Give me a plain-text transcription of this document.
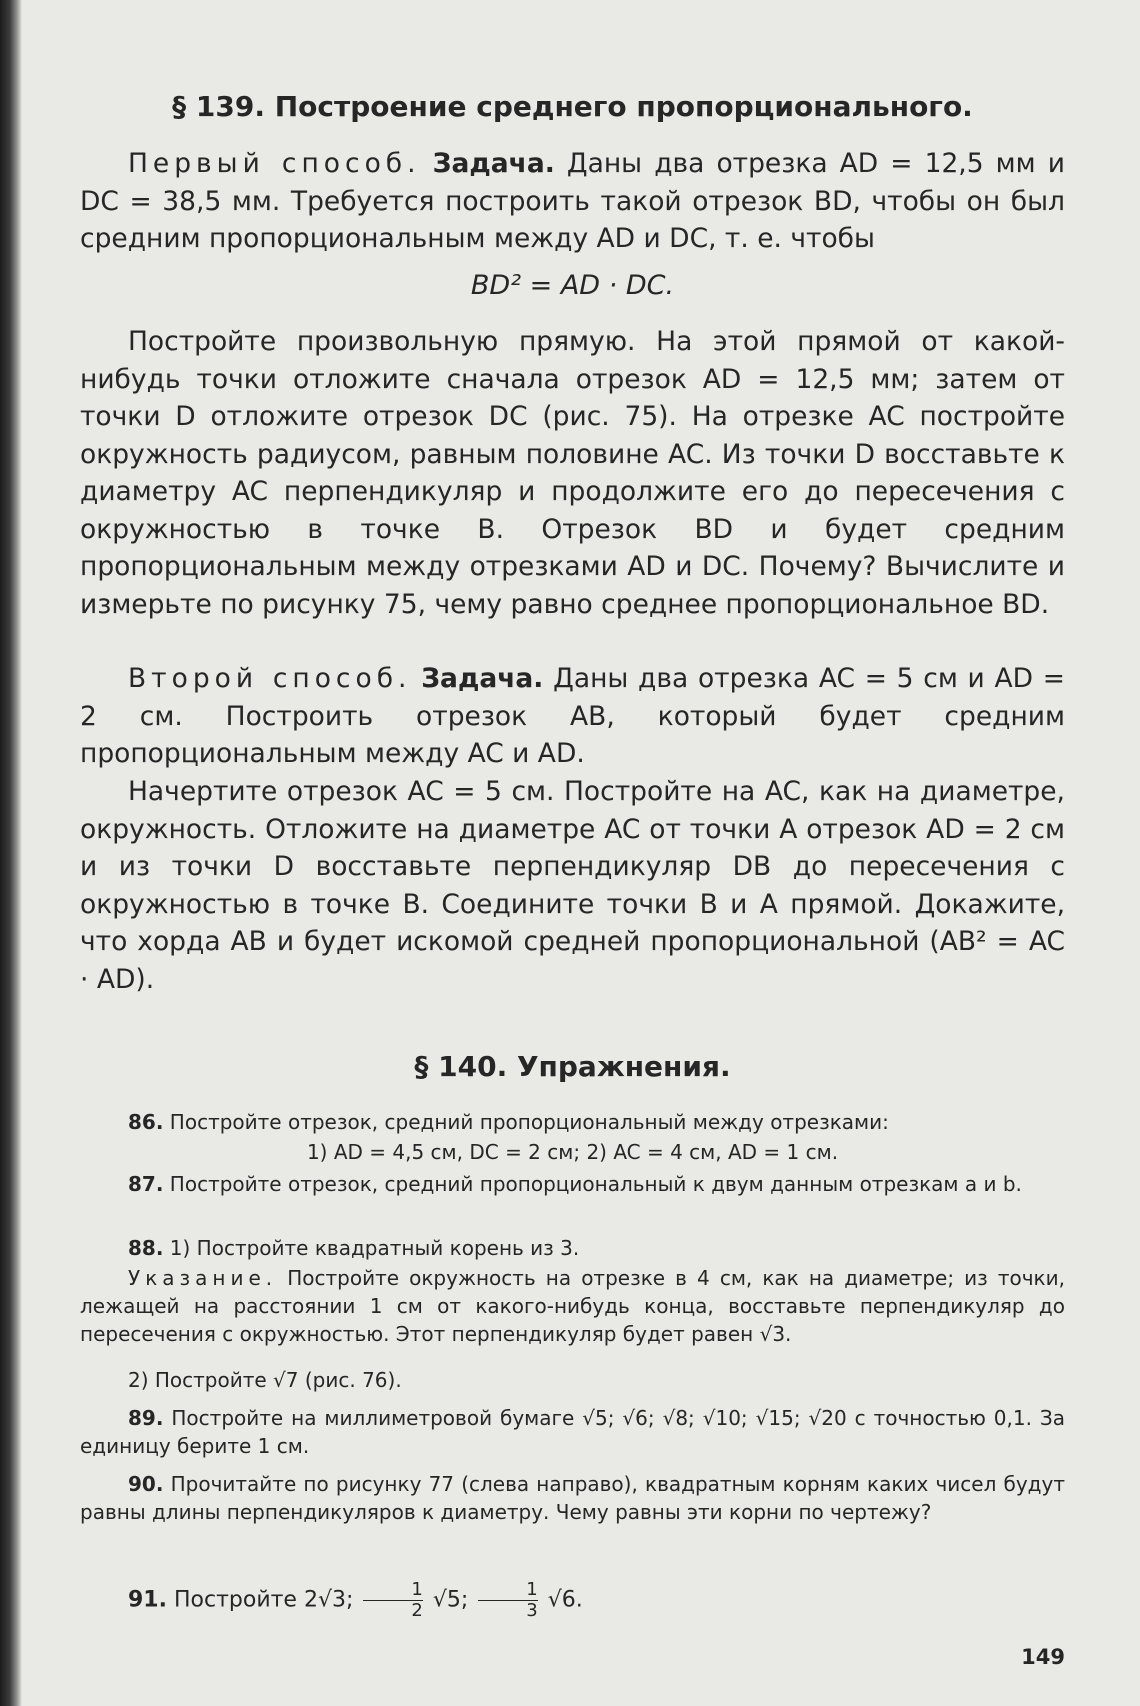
§ 139. Построение среднего пропорционального.

Первый способ. Задача. Даны два отрезка AD = 12,5 мм и DC = 38,5 мм. Требуется построить такой отрезок BD, чтобы он был средним пропорциональным между AD и DC, т. е. чтобы

BD² = AD · DC.

Постройте произвольную прямую. На этой прямой от какой-нибудь точки отложите сначала отрезок AD = 12,5 мм; затем от точки D отложите отрезок DC (рис. 75). На отрезке AC постройте окружность радиусом, равным половине AC. Из точки D восставьте к диаметру AC перпендикуляр и продолжите его до пересечения с окружностью в точке B. Отрезок BD и будет средним пропорциональным между отрезками AD и DC. Почему? Вычислите и измерьте по рисунку 75, чему равно среднее пропорциональное BD.

Второй способ. Задача. Даны два отрезка AC = 5 см и AD = 2 см. Построить отрезок AB, который будет средним пропорциональным между AC и AD.

Начертите отрезок AC = 5 см. Постройте на AC, как на диаметре, окружность. Отложите на диаметре AC от точки A отрезок AD = 2 см и из точки D восставьте перпендикуляр DB до пересечения с окружностью в точке B. Соедините точки B и A прямой. Докажите, что хорда AB и будет искомой средней пропорциональной (AB² = AC · AD).

§ 140. Упражнения.

86. Постройте отрезок, средний пропорциональный между отрезками:

1) AD = 4,5 см, DC = 2 см; 2) AC = 4 см, AD = 1 см.

87. Постройте отрезок, средний пропорциональный к двум данным отрезкам a и b.

88. 1) Постройте квадратный корень из 3.

Указание. Постройте окружность на отрезке в 4 см, как на диаметре; из точки, лежащей на расстоянии 1 см от какого-нибудь конца, восставьте перпендикуляр до пересечения с окружностью. Этот перпендикуляр будет равен √3.

2) Постройте √7 (рис. 76).

89. Постройте на миллиметровой бумаге √5; √6; √8; √10; √15; √20 с точностью 0,1. За единицу берите 1 см.

90. Прочитайте по рисунку 77 (слева направо), квадратным корням каких чисел будут равны длины перпендикуляров к диаметру. Чему равны эти корни по чертежу?

91. Постройте 2√3; $\frac{1}{2} √5$; $\frac{1}{3} √6$.

149
